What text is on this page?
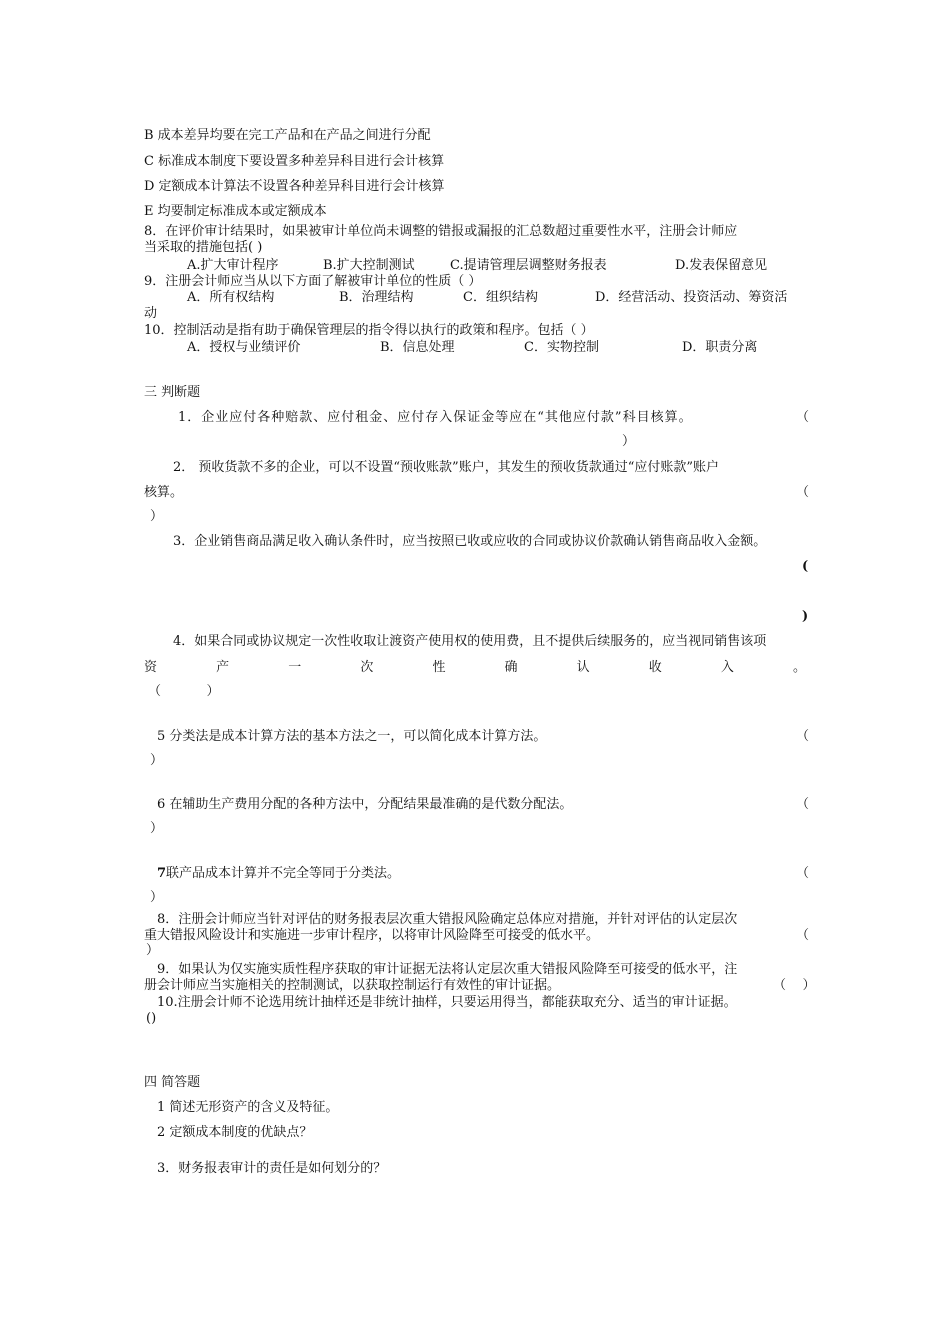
B 成本差异均要在完工产品和在产品之间进行分配
C 标准成本制度下要设置多种差异科目进行会计核算
D 定额成本计算法不设置各种差异科目进行会计核算
E 均要制定标准成本或定额成本
8．在评价审计结果时，如果被审计单位尚未调整的错报或漏报的汇总数超过重要性水平，注册会计师应
当采取的措施包括( )
A.扩大审计程序	B.扩大控制测试	C.提请管理层调整财务报表	D.发表保留意见
9．注册会计师应当从以下方面了解被审计单位的性质（ ）
A．所有权结构	B．治理结构	C．组织结构	D．经营活动、投资活动、筹资活
动
10．控制活动是指有助于确保管理层的指令得以执行的政策和程序。包括（ ）
A．授权与业绩评价	B．信息处理	C．实物控制	D．职责分离
三 判断题
1．企业应付各种赔款、应付租金、应付存入保证金等应在“其他应付款”科目核算。	（
）
2． 预收货款不多的企业，可以不设置“预收账款”账户，其发生的预收货款通过“应付账款”账户
核算。	（
）
3．企业销售商品满足收入确认条件时，应当按照已收或应收的合同或协议价款确认销售商品收入金额。
(
)
4．如果合同或协议规定一次性收取让渡资产使用权的使用费，且不提供后续服务的，应当视同销售该项
资	产	一	次	性	确	认	收	入	。
（           ）
5 分类法是成本计算方法的基本方法之一，可以简化成本计算方法。	（
）
6 在辅助生产费用分配的各种方法中，分配结果最准确的是代数分配法。	（
）
7联产品成本计算并不完全等同于分类法。	（
）
8．注册会计师应当针对评估的财务报表层次重大错报风险确定总体应对措施，并针对评估的认定层次
重大错报风险设计和实施进一步审计程序，以将审计风险降至可接受的低水平。	（
）
9．如果认为仅实施实质性程序获取的审计证据无法将认定层次重大错报风险降至可接受的低水平，注
册会计师应当实施相关的控制测试，以获取控制运行有效性的审计证据。	（    ）
10.注册会计师不论选用统计抽样还是非统计抽样，只要运用得当，都能获取充分、适当的审计证据。
()
四 简答题
1 简述无形资产的含义及特征。
2 定额成本制度的优缺点？
3．财务报表审计的责任是如何划分的？
